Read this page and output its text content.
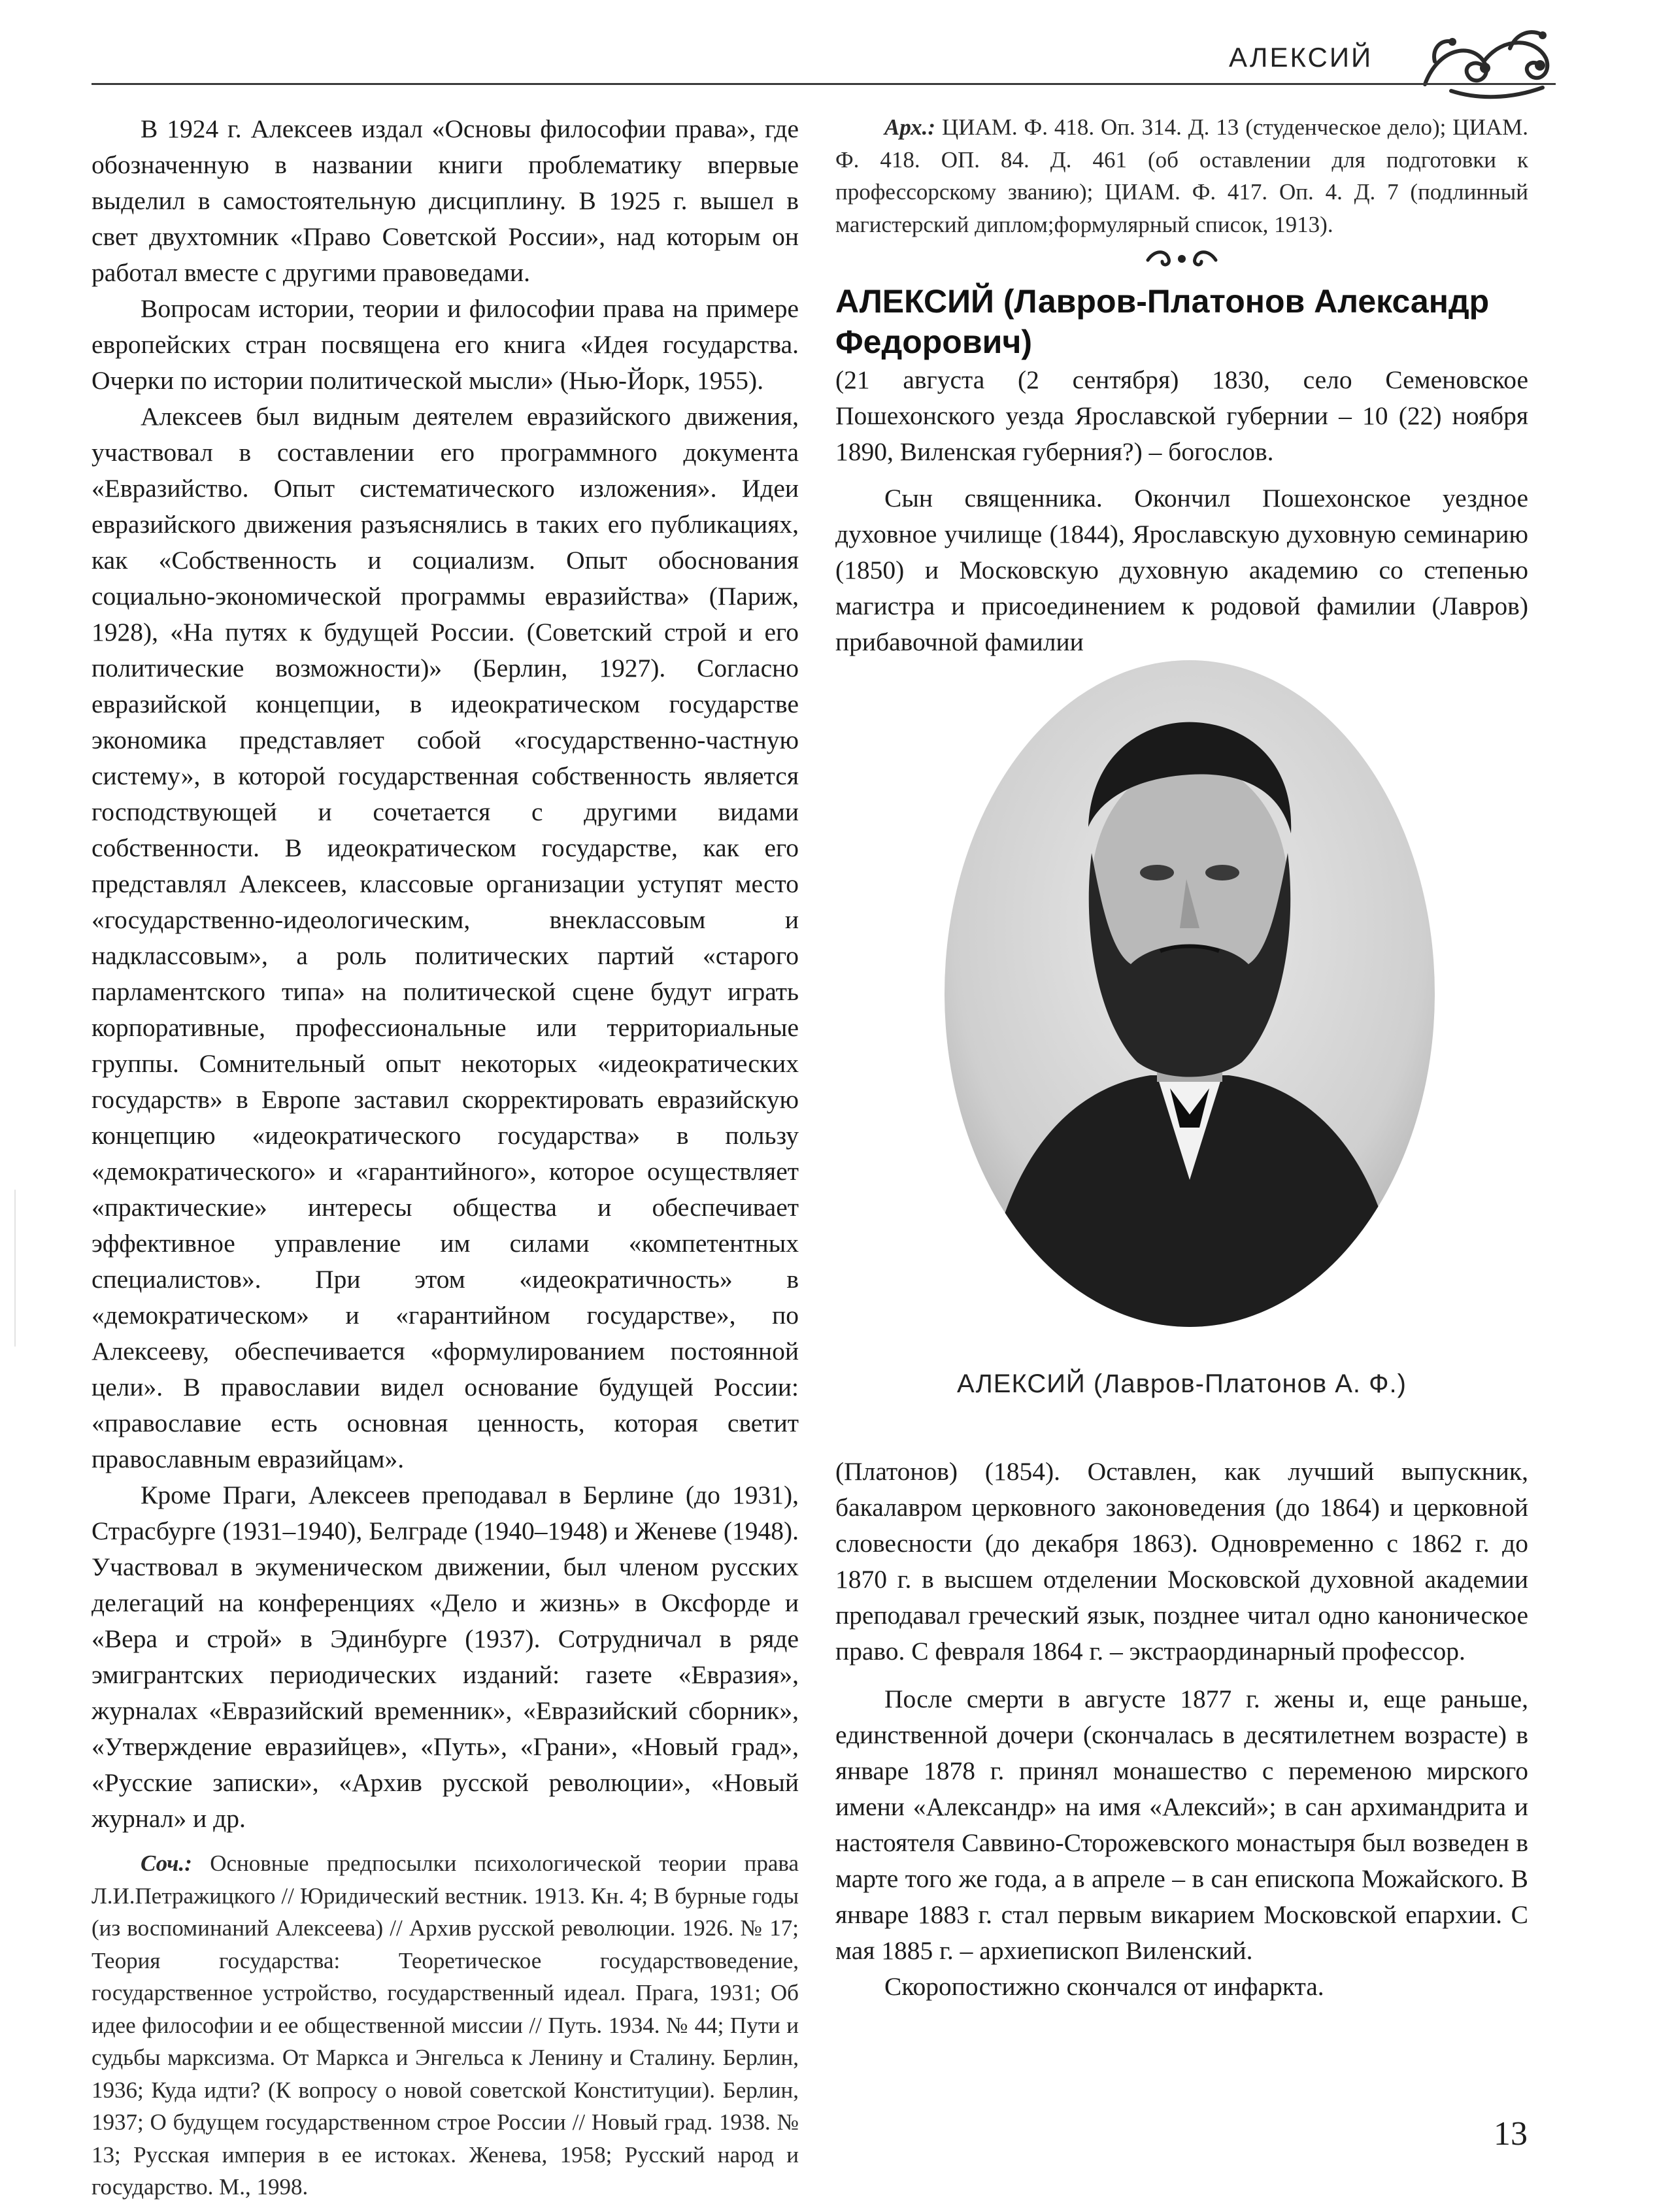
АЛЕКСИЙ

В 1924 г. Алексеев издал «Основы философии права», где обозначенную в названии книги проблематику впервые выделил в самостоятельную дисциплину. В 1925 г. вышел в свет двухтомник «Право Советской России», над которым он работал вместе с другими правоведами.

Вопросам истории, теории и философии права на примере европейских стран посвящена его книга «Идея государства. Очерки по истории политической мысли» (Нью-Йорк, 1955).

Алексеев был видным деятелем евразийского движения, участвовал в составлении его программного документа «Евразийство. Опыт систематического изложения». Идеи евразийского движения разъяснялись в таких его публикациях, как «Собственность и социализм. Опыт обоснования социально-экономической программы евразийства» (Париж, 1928), «На путях к будущей России. (Советский строй и его политические возможности)» (Берлин, 1927). Согласно евразийской концепции, в идеократическом государстве экономика представляет собой «государственно-частную систему», в которой государственная собственность является господствующей и сочетается с другими видами собственности. В идеократическом государстве, как его представлял Алексеев, классовые организации уступят место «государственно-идеологическим, внеклассовым и надклассовым», а роль политических партий «старого парламентского типа» на политической сцене будут играть корпоративные, профессиональные или территориальные группы. Сомнительный опыт некоторых «идеократических государств» в Европе заставил скорректировать евразийскую концепцию «идеократического государства» в пользу «демократического» и «гарантийного», которое осуществляет «практические» интересы общества и обеспечивает эффективное управление им силами «компетентных специалистов». При этом «идеократичность» в «демократическом» и «гарантийном государстве», по Алексееву, обеспечивается «формулированием постоянной цели». В православии видел основание будущей России: «православие есть основная ценность, которая светит православным евразийцам».

Кроме Праги, Алексеев преподавал в Берлине (до 1931), Страсбурге (1931–1940), Белграде (1940–1948) и Женеве (1948). Участвовал в экуменическом движении, был членом русских делегаций на конференциях «Дело и жизнь» в Оксфорде и «Вера и строй» в Эдинбурге (1937). Сотрудничал в ряде эмигрантских периодических изданий: газете «Евразия», журналах «Евразийский временник», «Евразийский сборник», «Утверждение евразийцев», «Путь», «Грани», «Новый град», «Русские записки», «Архив русской революции», «Новый журнал» и др.

Соч.: Основные предпосылки психологической теории права Л.И.Петражицкого // Юридический вестник. 1913. Кн. 4; В бурные годы (из воспоминаний Алексеева) // Архив русской революции. 1926. № 17; Теория государства: Теоретическое государствоведение, государственное устройство, государственный идеал. Прага, 1931; Об идее философии и ее общественной миссии // Путь. 1934. № 44; Пути и судьбы марксизма. От Маркса и Энгельса к Ленину и Сталину. Берлин, 1936; Куда идти? (К вопросу о новой советской Конституции). Берлин, 1937; О будущем государственном строе России // Новый град. 1938. № 13; Русская империя в ее истоках. Женева, 1958; Русский народ и государство. М., 1998.

Арх.: ЦИАМ. Ф. 418. Оп. 314. Д. 13 (студенческое дело); ЦИАМ. Ф. 418. ОП. 84. Д. 461 (об оставлении для подготовки к профессорскому званию); ЦИАМ. Ф. 417. Оп. 4. Д. 7 (подлинный магистерский диплом;формулярный список, 1913).

АЛЕКСИЙ (Лавров-Платонов Александр Федорович)

(21 августа (2 сентября) 1830, село Семеновское Пошехонского уезда Ярославской губернии – 10 (22) ноября 1890, Виленская губерния?) – богослов.

Сын священника. Окончил Пошехонское уездное духовное училище (1844), Ярославскую духовную семинарию (1850) и Московскую духовную академию со степенью магистра и присоединением к родовой фамилии (Лавров) прибавочной фамилии

АЛЕКСИЙ (Лавров-Платонов А. Ф.)

(Платонов) (1854). Оставлен, как лучший выпускник, бакалавром церковного законоведения (до 1864) и церковной словесности (до декабря 1863). Одновременно с 1862 г. до 1870 г. в высшем отделении Московской духовной академии преподавал греческий язык, позднее читал одно каноническое право. С февраля 1864 г. – экстраординарный профессор.

После смерти в августе 1877 г. жены и, еще раньше, единственной дочери (скончалась в десятилетнем возрасте) в январе 1878 г. принял монашество с переменою мирского имени «Александр» на имя «Алексий»; в сан архимандрита и настоятеля Саввино-Сторожевского монастыря был возведен в марте того же года, а в апреле – в сан епископа Можайского. В январе 1883 г. стал первым викарием Московской епархии. С мая 1885 г. – архиепископ Виленский.

Скоропостижно скончался от инфаркта.

13
